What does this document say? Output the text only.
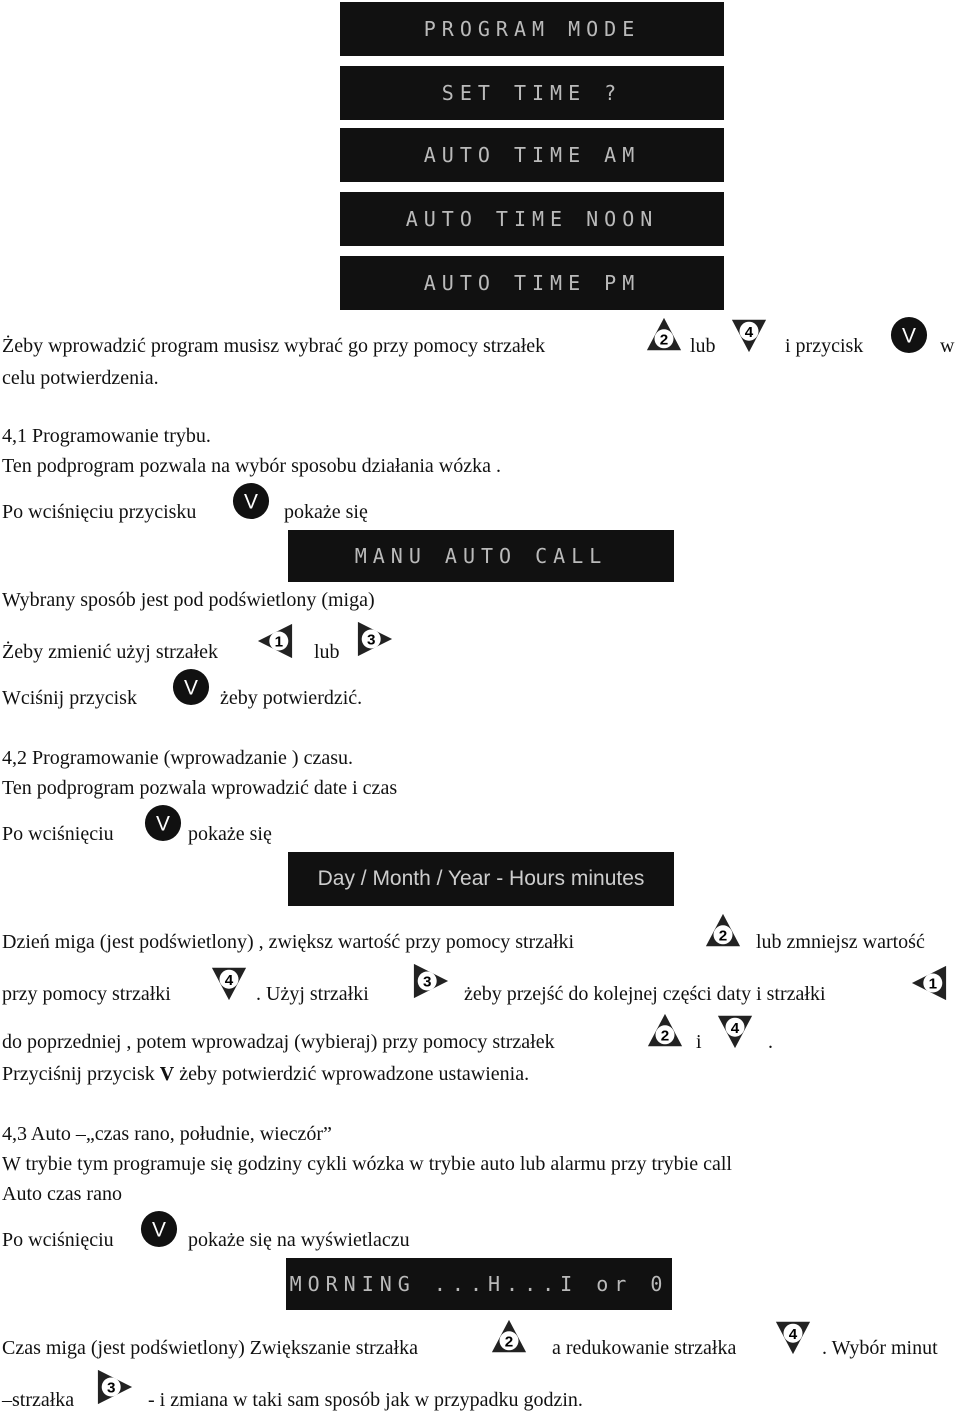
PROGRAM MODE
SET TIME ?
AUTO TIME AM
AUTO TIME NOON
AUTO TIME PM
Żeby wprowadzić program musisz wybrać go przy pomocy strzałek	2 lub
4
i przycisk V w
celu potwierdzenia.
4,1 Programowanie trybu.
Ten podprogram pozwala na wybór sposobu działania wózka .
Po wciśnięciu przycisku V pokaże się
MANU AUTO CALL
Wybrany sposób jest pod podświetlony (miga)
Żeby zmienić użyj strzałek	1 lub
3
Wciśnij przycisk V żeby potwierdzić.
4,2 Programowanie (wprowadzanie ) czasu.
Ten podprogram pozwala wprowadzić date i czas
Po wciśnięciu V pokaże się
Day / Month / Year - Hours minutes
Dzień miga (jest podświetlony) , zwiększ wartość przy pomocy strzałki	2 lub zmniejsz wartość
przy pomocy strzałki
4
. Użyj strzałki
3
żeby przejść do kolejnej części daty i strzałki	1
do poprzedniej , potem wprowadzaj (wybieraj) przy pomocy strzałek	2 i
4
.
Przyciśnij przycisk V żeby potwierdzić wprowadzone ustawienia.
4,3 Auto –„czas rano, południe, wieczór”
W trybie tym programuje się godziny cykli wózka w trybie auto lub alarmu przy trybie call
Auto czas rano
Po wciśnięciu V pokaże się na wyświetlaczu
MORNING ...H...I or 0
Czas miga (jest podświetlony) Zwiększanie strzałka	2 a redukowanie strzałka
4
. Wybór minut
–strzałka
3
- i zmiana w taki sam sposób jak w przypadku godzin.
